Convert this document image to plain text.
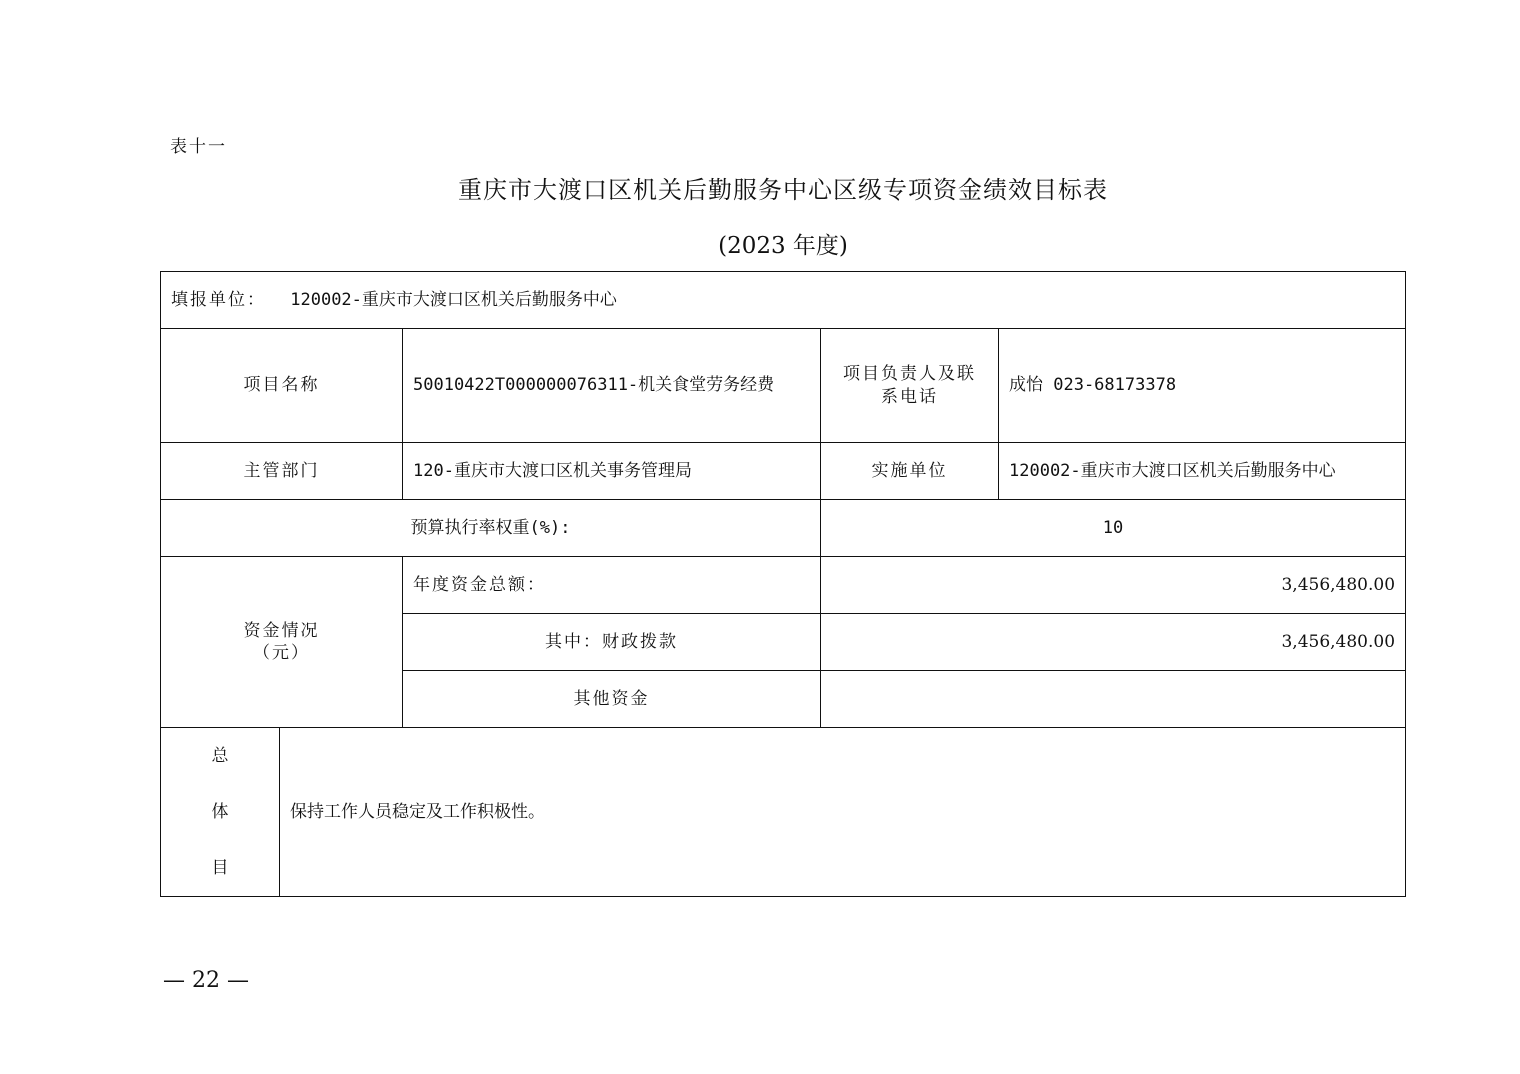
表十一
重庆市大渡口区机关后勤服务中心区级专项资金绩效目标表
(2023 年度)
填报单位： 120002-重庆市大渡口区机关后勤服务中心				
项目名称		50010422T000000076311-机关食堂劳务经费	项目负责人及联
系电话	成怡 023-68173378
主管部门		120-重庆市大渡口区机关事务管理局	实施单位	120002-重庆市大渡口区机关后勤服务中心
预算执行率权重(%):			10	

资金情况
（元）		年度资金总额：	3,456,480.00	
		其中：财政拨款	3,456,480.00	
		其他资金		

总
体
目	保持工作人员稳定及工作积极性。			
— 22 —
